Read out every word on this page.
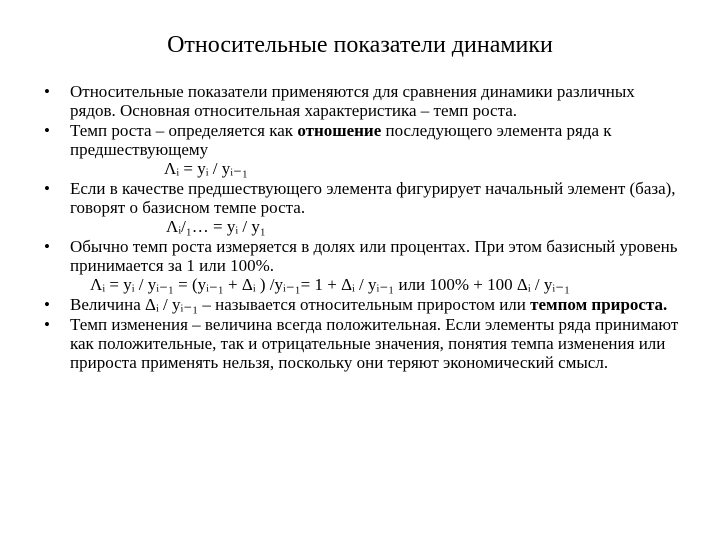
Относительные показатели динамики
• Относительные показатели применяются для сравнения динамики различных рядов. Основная относительная характеристика – темп роста.
• Темп роста – определяется как отношение последующего элемента ряда к предшествующему
Λᵢ = yᵢ / yᵢ₋₁
• Если в качестве предшествующего элемента фигурирует начальный элемент (база), говорят о базисном темпе роста.
Λᵢ/₁… = yᵢ / y₁
• Обычно темп роста измеряется в долях или процентах. При этом базисный уровень принимается за 1 или 100%.
Λᵢ = yᵢ / yᵢ₋₁ = (yᵢ₋₁ + Δᵢ ) /yᵢ₋₁= 1 + Δᵢ / yᵢ₋₁ или 100% + 100 Δᵢ / yᵢ₋₁
• Величина Δᵢ / yᵢ₋₁ – называется относительным приростом или темпом прироста.
• Темп изменения – величина всегда положительная. Если элементы ряда принимают как положительные, так и отрицательные значения, понятия темпа изменения или прироста применять нельзя, поскольку они теряют экономический смысл.
